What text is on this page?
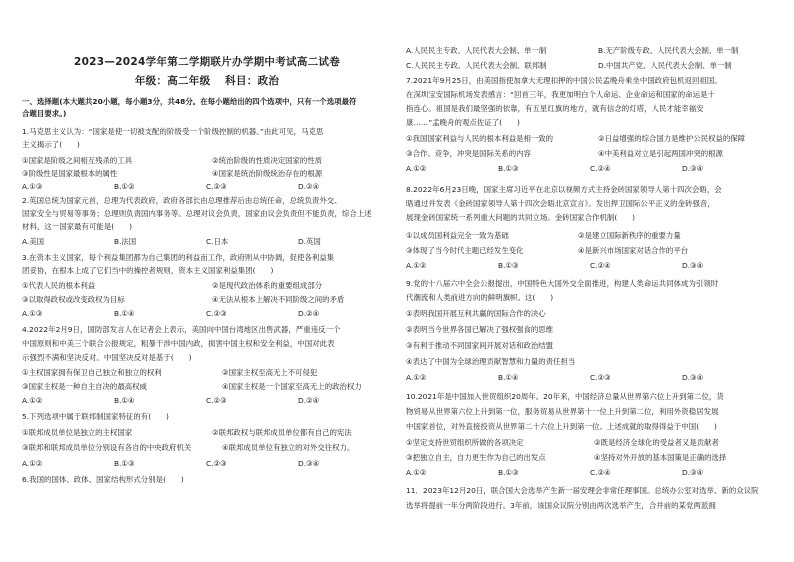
2023—2024学年第二学期联片办学期中考试高二试卷
年级：高二年级　 科目：政治
一、选择题(本大题共20小题，每小题3分，共48分。在每小题给出的四个选项中，只有一个选项最符
合题目要求。)
1.马克思主义认为：“国家是使一切被支配的阶级受一个阶级控制的机器。”由此可见，马克思
主义揭示了(　　)
①国家是阶级之间相互残杀的工具	②统治阶级的性质决定国家的性质
③阶级性是国家最根本的属性	④国家是统治阶级统治存在的根源
A.①③	B.①②	C.②③	D.②④
2.英国总统为国家元首，总理为代表政府，政府各部长由总理推荐后由总统任命，总统负责外交、
国家安全与贸易等事务；总理则负责国内事务等。总理对议会负责，国家由议会负责但不能负责，综合上述
材料，这一国家最有可能是(　　)
A.美国	B.法国	C.日本	D.英国
3.在资本主义国家，每个利益集团都为自己集团的利益而工作，政府则从中协调，促使各利益集
团妥协，在根本上成了它们当中的操控者规则，资本主义国家利益集团(　　)
①代表人民的根本利益	②是现代政治体系的重要组成部分
③以取得政权或改变政权为目标	④无法从根本上解决不同阶级之间的矛盾
A.①③	B.①④	C.②③	D.②④
4.2022年2月9日，国防部发言人在记者会上表示，美国向中国台湾地区出售武器，严重违反一个
中国原则和中美三个联合公报规定，粗暴干涉中国内政，损害中国主权和安全利益，中国对此表
示强烈不满和坚决反对。中国坚决反对是基于(　　)
①主权国家拥有保卫自己独立和独立的权利	②国家主权至高无上不可侵犯
③国家主权是一种自主自决的最高权威	④国家主权是一个国家至高无上的政治权力
A.①②	B.①④	C.②③	D.②④
5.下列选项中属于联邦制国家特征的有(　　)
①联邦成员单位是独立的主权国家	②联邦政权与联邦成员单位都有自己的宪法
③联邦和联邦成员单位分别设有各自的中央政府机关	④联邦成员单位有独立的对外交往权力。
A.①②	B.①③	C.②③	D.③④
6.我国的国体、政体、国家结构形式分别是(　　)
A.人民民主专政、人民代表大会制、单一制	B.无产阶级专政、人民代表大会制、单一制
C.人民民主专政、人民代表大会制、联邦制	D.中国共产党、人民代表大会制、单一制
7.2021年9月25日，由美国指使加拿大无理扣押的中国公民孟晚舟乘坐中国政府包机返回祖国。
在深圳宝安国际机场发表感言：“回首三年，我更加明白个人命运、企业命运和国家的命运是十
指连心。祖国是我们最坚强的依靠，有五星红旗的地方，就有信念的灯塔，人民才能幸福安
康……”孟晚舟的观点佐证了(　　)
①我国国家利益与人民的根本利益是相一致的	②日益增强的综合国力是维护公民权益的保障
③合作、竞争，冲突是国际关系的内容	④中美利益对立是引起两国冲突的根源
A.①②	B.①③	C.②④	D.③④
8.2022年6月23日晚，国家主席习近平在北京以视频方式主持金砖国家领导人第十四次会晤，会
晤通过并发表《金砖国家领导人第十四次会晤北京宣言》。发出捍卫国际公平正义的金砖强音，
展现金砖国家统一系列重大问题的共同立场。金砖国家合作机制(　　)
①以成员国利益完全一致为基础	②是建立国际新秩序的重要力量
③体现了当今时代主题已经发生变化	④是新兴市场国家对话合作的平台
A.①②	B.①③	C.②④	D.③④
9.党的十八届六中全会公报提出，中国特色大国外交全面推进，构建人类命运共同体成为引领时
代潮流和人类前进方向的鲜明旗帜。这(　　)
①表明我国开展互利共赢的国际合作的决心
②表明当今世界各国已解决了强权强食的思维
③有利于推动不同国家间开展对话和政治结盟
④表达了中国为全球治理贡献智慧和力量的责任担当
A.①②	B.①④	C.②③	D.③④
10.2021年是中国加入世贸组织20周年。20年来，中国经济总量从世界第六位上升到第二位，货
物贸易从世界第六位上升到第一位，服务贸易从世界第十一位上升到第二位，利用外资稳居发展
中国家首位，对外直接投资从世界第二十六位上升到第一位。上述成就的取得得益于中国(　　)
①坚定支持世贸组织所做的各项决定	②既是经济全球化的受益者又是贡献者
③把独立自主，自力更生作为自己的出发点	④坚持对外开放的基本国策是正确的选择
A.①②	B.①③	C.②④	D.③④
11．2023年12月20日，联合国大会选举产生新一届安理会非常任理事国。总统办公室对选举、新的众议院
选举将提前一年分两阶段进行。3年前，该国众议院分别由两次选举产生，合并前的某党两派拥
